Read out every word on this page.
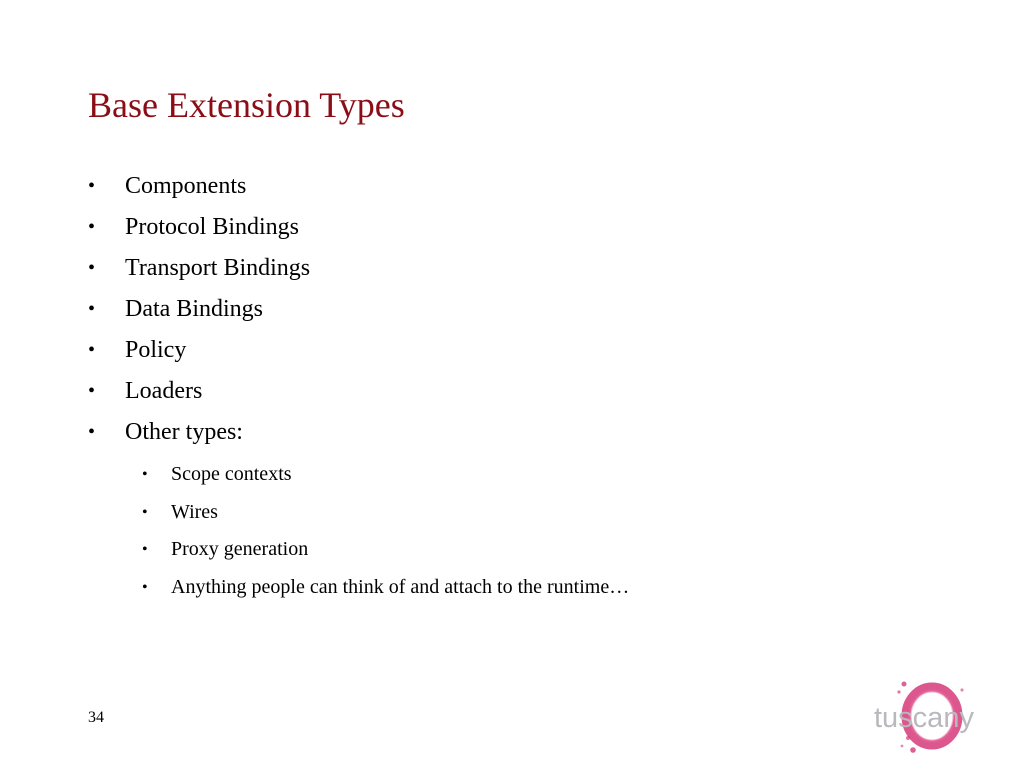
Base Extension Types
• Components
• Protocol Bindings
• Transport Bindings
• Data Bindings
• Policy
• Loaders
• Other types:
• Scope contexts
• Wires
• Proxy generation
• Anything people can think of and attach to the runtime…
34	tuscany
